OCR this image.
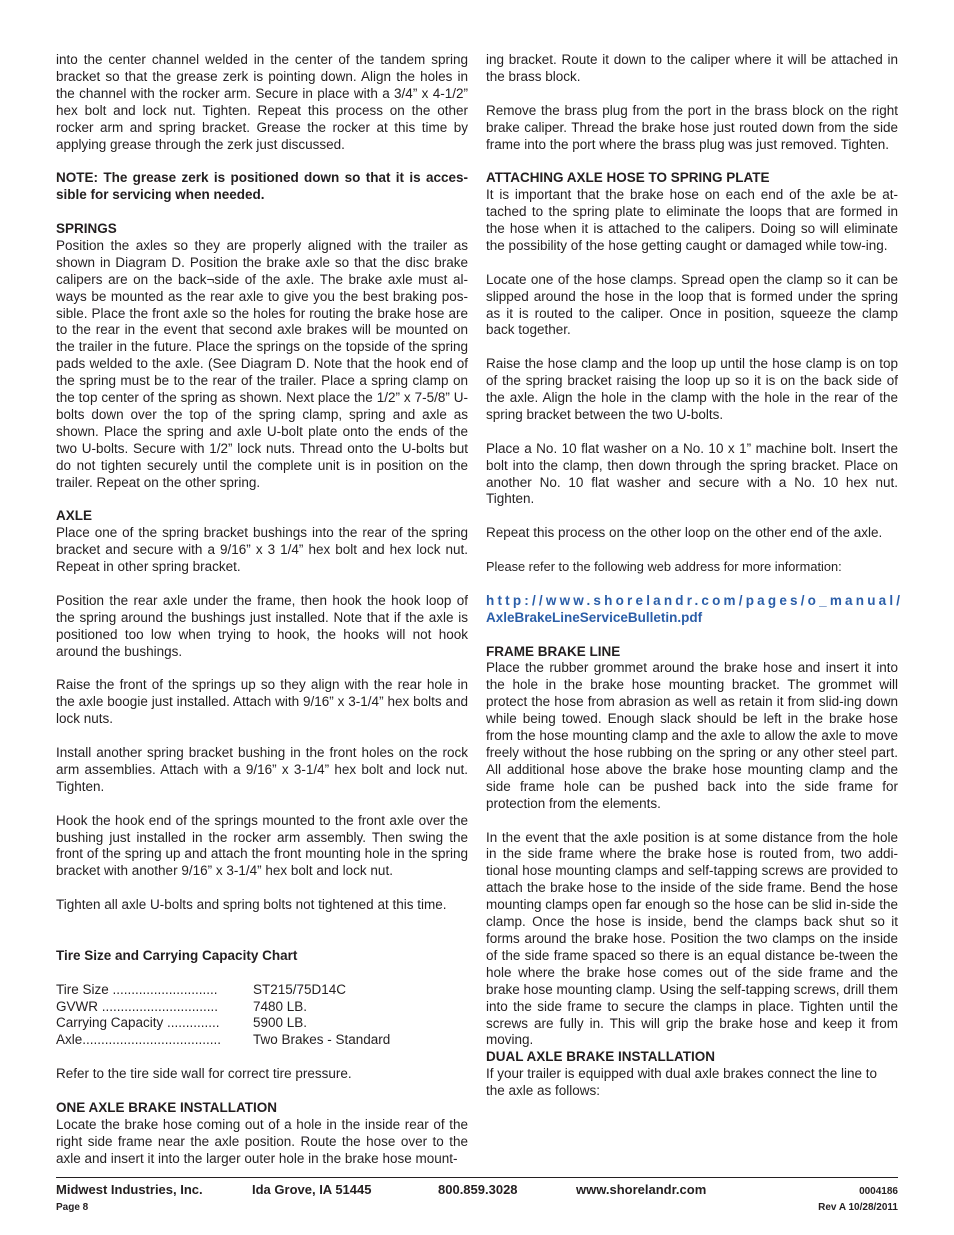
into the center channel welded in the center of the tandem spring bracket so that the grease zerk is pointing down. Align the holes in the channel with the rocker arm. Secure in place with a 3/4” x 4-1/2” hex bolt and lock nut. Tighten. Repeat this process on the other rocker arm and spring bracket. Grease the rocker at this time by applying grease through the zerk just discussed.

NOTE: The grease zerk is positioned down so that it is acces-sible for servicing when needed.

SPRINGS

Position the axles so they are properly aligned with the trailer as shown in Diagram D. Position the brake axle so that the disc brake calipers are on the back¬side of the axle. The brake axle must al-ways be mounted as the rear axle to give you the best braking pos-sible. Place the front axle so the holes for routing the brake hose are to the rear in the event that second axle brakes will be mounted on the trailer in the future. Place the springs on the topside of the spring pads welded to the axle. (See Diagram D. Note that the hook end of the spring must be to the rear of the trailer. Place a spring clamp on the top center of the spring as shown. Next place the 1/2” x 7-5/8” U-bolts down over the top of the spring clamp, spring and axle as shown. Place the spring and axle U-bolt plate onto the ends of the two U-bolts. Secure with 1/2” lock nuts. Thread onto the U-bolts but do not tighten securely until the complete unit is in position on the trailer. Repeat on the other spring.

AXLE

Place one of the spring bracket bushings into the rear of the spring bracket and secure with a 9/16” x 3 1/4” hex bolt and hex lock nut. Repeat in other spring bracket.

Position the rear axle under the frame, then hook the hook loop of the spring around the bushings just installed. Note that if the axle is positioned too low when trying to hook, the hooks will not hook around the bushings.

Raise the front of the springs up so they align with the rear hole in the axle boogie just installed. Attach with 9/16” x 3-1/4” hex bolts and lock nuts.

Install another spring bracket bushing in the front holes on the rock arm assemblies. Attach with a 9/16” x 3-1/4” hex bolt and lock nut. Tighten.

Hook the hook end of the springs mounted to the front axle over the bushing just installed in the rocker arm assembly. Then swing the front of the spring up and attach the front mounting hole in the spring bracket with another 9/16” x 3-1/4” hex bolt and lock nut.

Tighten all axle U-bolts and spring bolts not tightened at this time.

Tire Size and Carrying Capacity Chart
Tire Size ............................	ST215/75D14C
GVWR ...............................	7480 LB.
Carrying Capacity ..............	5900 LB.
Axle.....................................	Two Brakes - Standard

Refer to the tire side wall for correct tire pressure.

ONE AXLE BRAKE INSTALLATION

Locate the brake hose coming out of a hole in the inside rear of the right side frame near the axle position. Route the hose over to the axle and insert it into the larger outer hole in the brake hose mount-

ing bracket. Route it down to the caliper where it will be attached in the brass block.

Remove the brass plug from the port in the brass block on the right brake caliper. Thread the brake hose just routed down from the side frame into the port where the brass plug was just removed. Tighten.

ATTACHING AXLE HOSE TO SPRING PLATE

It is important that the brake hose on each end of the axle be at-tached to the spring plate to eliminate the loops that are formed in the hose when it is attached to the calipers. Doing so will eliminate the possibility of the hose getting caught or damaged while tow-ing.

Locate one of the hose clamps. Spread open the clamp so it can be slipped around the hose in the loop that is formed under the spring as it is routed to the caliper. Once in position, squeeze the clamp back together.

Raise the hose clamp and the loop up until the hose clamp is on top of the spring bracket raising the loop up so it is on the back side of the axle. Align the hole in the clamp with the hole in the rear of the spring bracket between the two U-bolts.

Place a No. 10 flat washer on a No. 10 x 1” machine bolt. Insert the bolt into the clamp, then down through the spring bracket. Place on another No. 10 flat washer and secure with a No. 10 hex nut. Tighten.

Repeat this process on the other loop on the other end of the axle.

Please refer to the following web address for more information:

http://www.shorelandr.com/pages/o_manual/
AxleBrakeLineServiceBulletin.pdf

FRAME BRAKE LINE

Place the rubber grommet around the brake hose and insert it into the hole in the brake hose mounting bracket. The grommet will protect the hose from abrasion as well as retain it from slid-ing down while being towed. Enough slack should be left in the brake hose from the hose mounting clamp and the axle to allow the axle to move freely without the hose rubbing on the spring or any other steel part. All additional hose above the brake hose mounting clamp and the side frame hole can be pushed back into the side frame for protection from the elements.

In the event that the axle position is at some distance from the hole in the side frame where the brake hose is routed from, two addi-tional hose mounting clamps and self-tapping screws are provided to attach the brake hose to the inside of the side frame. Bend the hose mounting clamps open far enough so the hose can be slid in-side the clamp. Once the hose is inside, bend the clamps back shut so it forms around the brake hose. Position the two clamps on the inside of the side frame spaced so there is an equal distance be-tween the hole where the brake hose comes out of the side frame and the brake hose mounting clamp. Using the self-tapping screws, drill them into the side frame to secure the clamps in place. Tighten until the screws are fully in. This will grip the brake hose and keep it from moving.

DUAL AXLE BRAKE INSTALLATION

If your trailer is equipped with dual axle brakes connect the line to the axle as follows:

Midwest Industries, Inc.	Ida Grove, IA 51445	800.859.3028	www.shorelandr.com	0004186
Page 8	Rev A 10/28/2011
